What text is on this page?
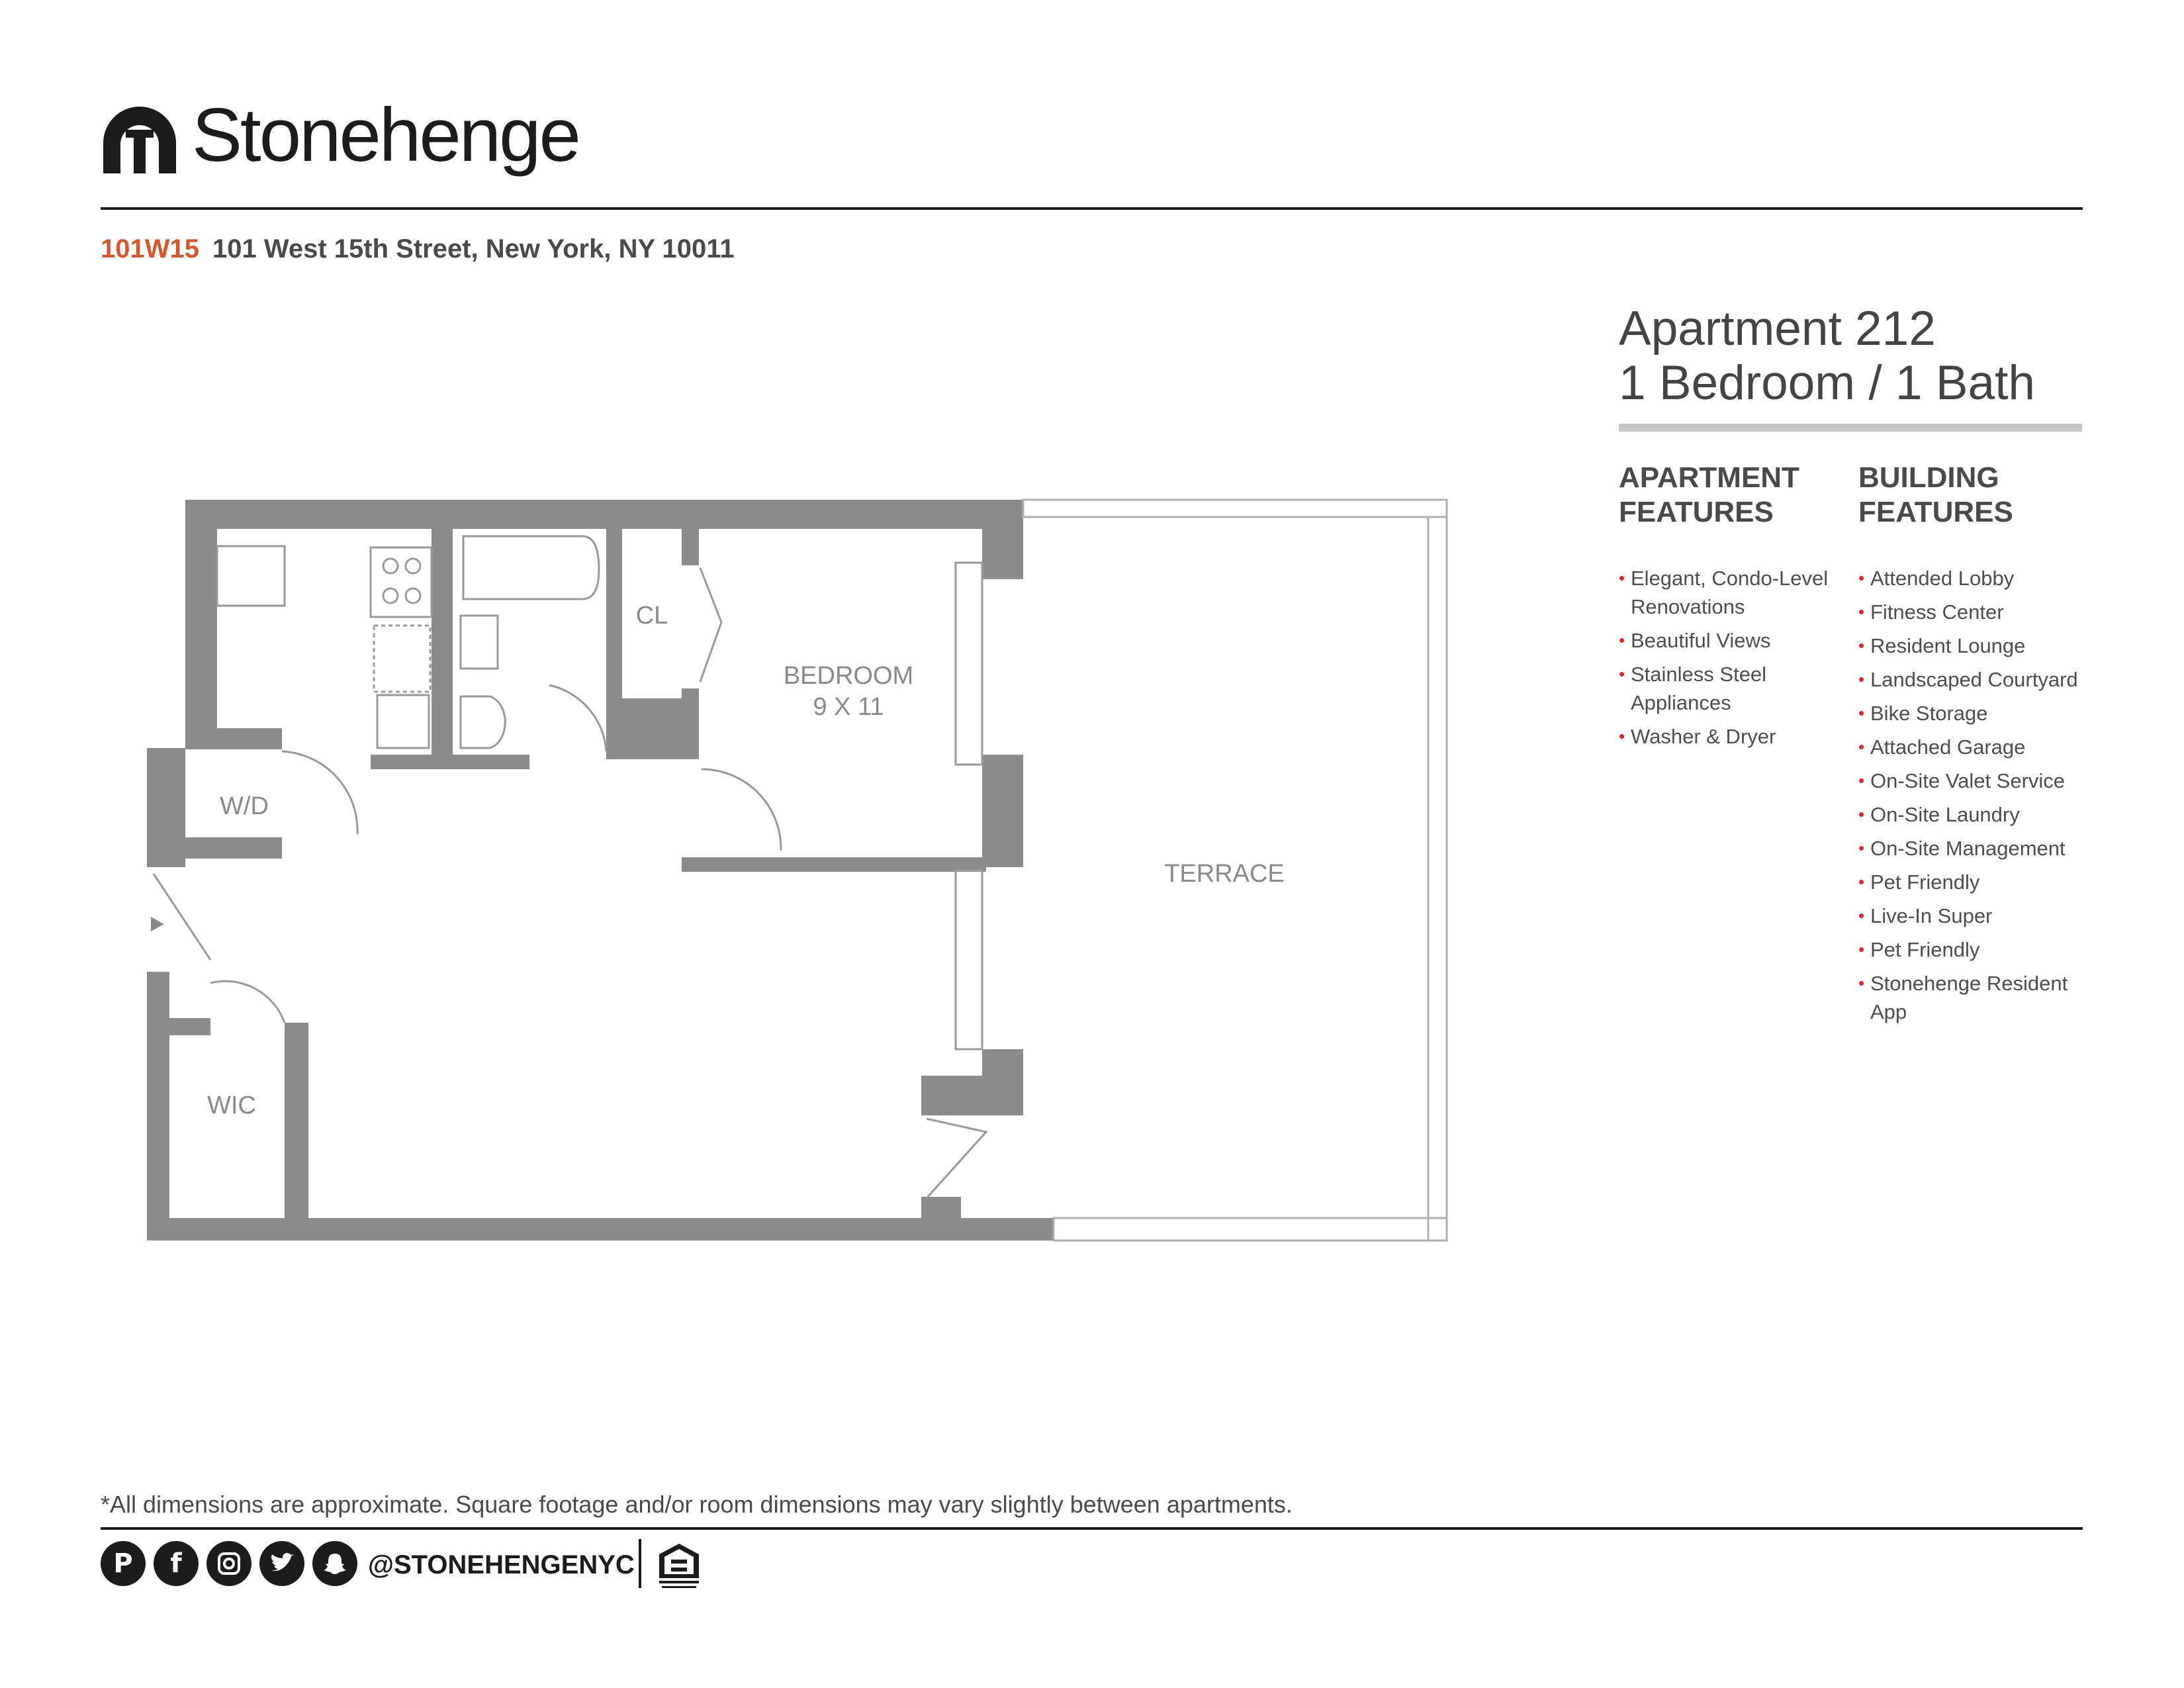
Stonehenge
101W15 101 West 15th Street, New York, NY 10011
Apartment 212
1 Bedroom / 1 Bath
APARTMENT
FEATURES
BUILDING
FEATURES
• Elegant, Condo-Level Renovations
• Beautiful Views
• Stainless Steel Appliances
• Washer & Dryer
• Attended Lobby
• Fitness Center
• Resident Lounge
• Landscaped Courtyard
• Bike Storage
• Attached Garage
• On-Site Valet Service
• On-Site Laundry
• On-Site Management
• Pet Friendly
• Live-In Super
• Pet Friendly
• Stonehenge Resident App
CL
BEDROOM
9 X 11
W/D
WIC
TERRACE
*All dimensions are approximate. Square footage and/or room dimensions may vary slightly between apartments.
P	f	@STONEHENGENYC
